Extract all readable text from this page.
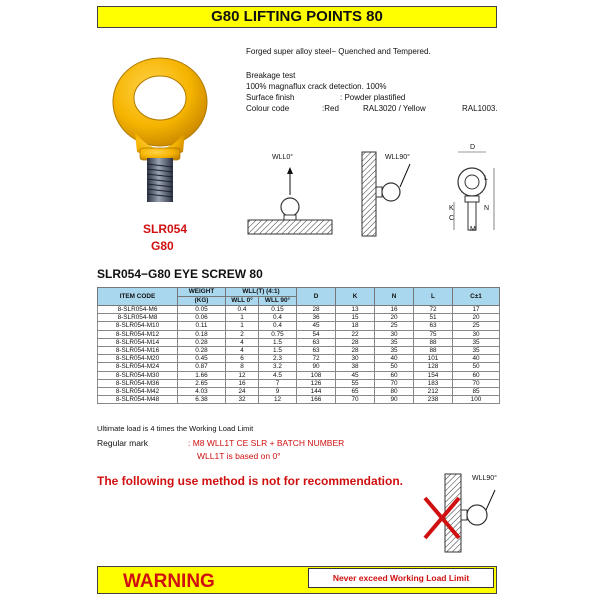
G80 LIFTING POINTS 80
Forged super alloy steel− Quenched and Tempered.
Breakage test
100% magnaflux crack detection. 100%
Surface finish	: Powder plastified
Colour code	:Red	RAL3020 / Yellow	RAL1003.
SLR054
G80
WLL0°	WLL90°
D
L
K
C
N
M
SLR054−G80 EYE SCREW 80
ITEM CODE	WEIGHT	WLL(T) (4:1)		D	K	N	L	C±1
	(KG)	WLL 0°	WLL 90°					
8-SLR054-M6	0.05	0.4	0.15	28	13	16	72	17
8-SLR054-M8	0.06	1	0.4	36	15	20	51	20
8-SLR054-M10	0.11	1	0.4	45	18	25	63	25
8-SLR054-M12	0.18	2	0.75	54	22	30	75	30
8-SLR054-M14	0.28	4	1.5	63	28	35	88	35
8-SLR054-M16	0.28	4	1.5	63	28	35	88	35
8-SLR054-M20	0.45	6	2.3	72	30	40	101	40
8-SLR054-M24	0.87	8	3.2	90	38	50	128	50
8-SLR054-M30	1.66	12	4.5	108	45	60	154	60
8-SLR054-M36	2.65	16	7	126	55	70	183	70
8-SLR054-M42	4.03	24	9	144	65	80	212	85
8-SLR054-M48	6.38	32	12	166	70	90	238	100
Ultimate load is 4 times the Working Load Limit
Regular mark	: M8 WLL1T CE SLR + BATCH NUMBER
WLL1T is based on 0°
The following use method is not for recommendation.	WLL90°
WARNING	Never exceed Working Load Limit
